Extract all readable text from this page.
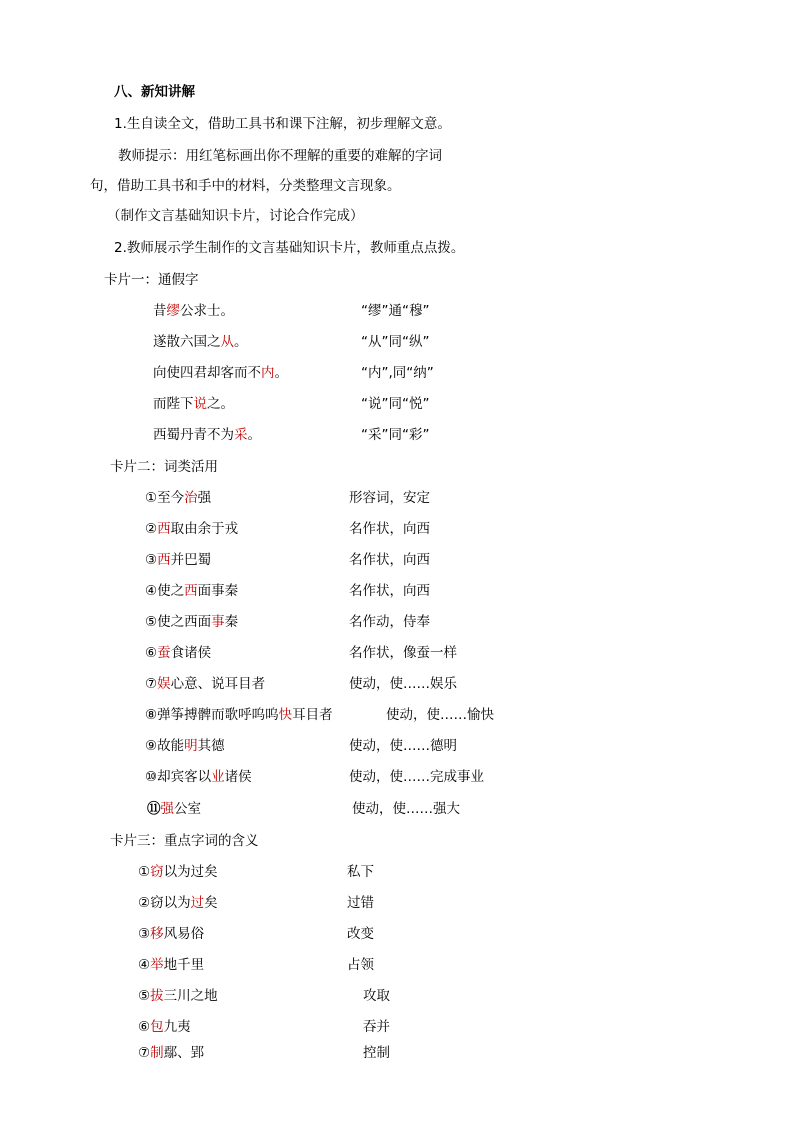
八、新知讲解
1.生自读全文，借助工具书和课下注解，初步理解文意。
教师提示：用红笔标画出你不理解的重要的难解的字词
句，借助工具书和手中的材料，分类整理文言现象。
（制作文言基础知识卡片，讨论合作完成）
2.教师展示学生制作的文言基础知识卡片，教师重点点拨。
卡片一：通假字
昔缪公求士。	“缪”通“穆”
遂散六国之从。	“从”同“纵”
向使四君却客而不内。	“内”,同“纳”
而陛下说之。	“说”同“悦”
西蜀丹青不为采。	“采”同“彩”
卡片二：词类活用
①至今治强	形容词，安定
②西取由余于戎	名作状，向西
③西并巴蜀	名作状，向西
④使之西面事秦	名作状，向西
⑤使之西面事秦	名作动，侍奉
⑥蚕食诸侯	名作状，像蚕一样
⑦娱心意、说耳目者	使动，使……娱乐
⑧弹筝搏髀而歌呼呜呜快耳目者	使动，使……愉快
⑨故能明其德	使动，使……德明
⑩却宾客以业诸侯	使动，使……完成事业
⑪强公室	使动，使……强大
卡片三：重点字词的含义
①窃以为过矣	私下
②窃以为过矣	过错
③移风易俗	改变
④举地千里	占领
⑤拔三川之地	攻取
⑥包九夷	吞并
⑦制鄢、郢	控制
